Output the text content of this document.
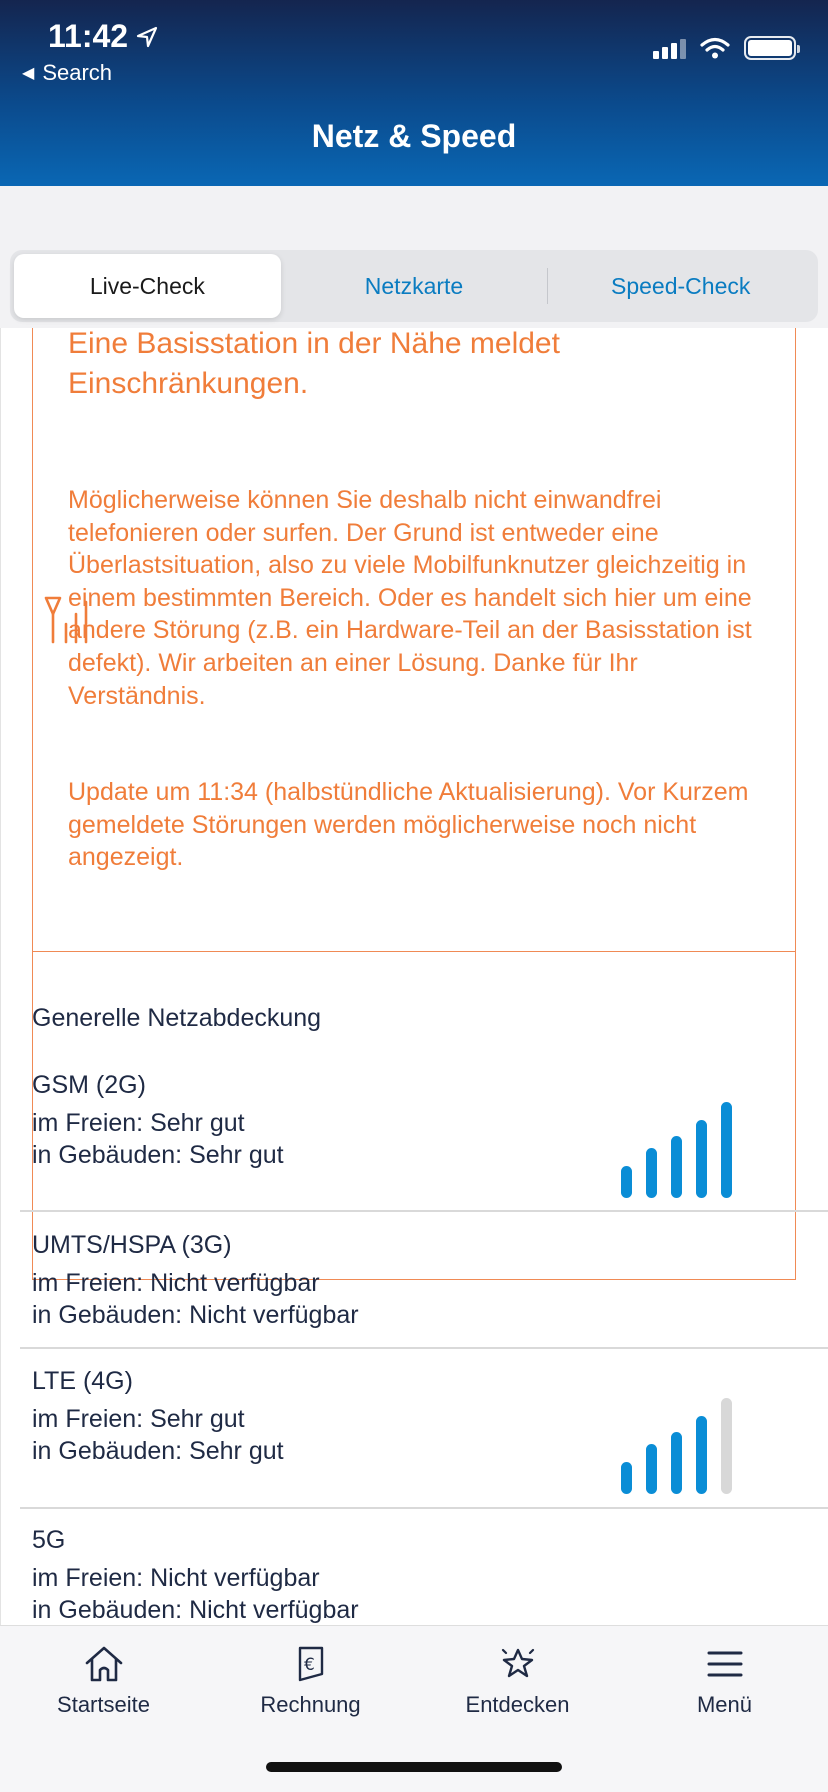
11:42
◀ Search
Netz & Speed
Live-Check	Netzkarte	Speed-Check
Eine Basisstation in der Nähe meldet Einschränkungen.
Möglicherweise können Sie deshalb nicht einwandfrei telefonieren oder surfen. Der Grund ist entweder eine Überlastsituation, also zu viele Mobilfunknutzer gleichzeitig in einem bestimmten Bereich. Oder es handelt sich hier um eine andere Störung (z.B. ein Hardware-Teil an der Basisstation ist defekt). Wir arbeiten an einer Lösung. Danke für Ihr Verständnis.
Update um 11:34 (halbstündliche Aktualisierung). Vor Kurzem gemeldete Störungen werden möglicherweise noch nicht angezeigt.
Generelle Netzabdeckung
GSM (2G)
im Freien: Sehr gut
in Gebäuden: Sehr gut
UMTS/HSPA (3G)
im Freien: Nicht verfügbar
in Gebäuden: Nicht verfügbar
LTE (4G)
im Freien: Sehr gut
in Gebäuden: Sehr gut
5G
im Freien: Nicht verfügbar
in Gebäuden: Nicht verfügbar
Startseite
€
Rechnung	Entdecken	Menü
